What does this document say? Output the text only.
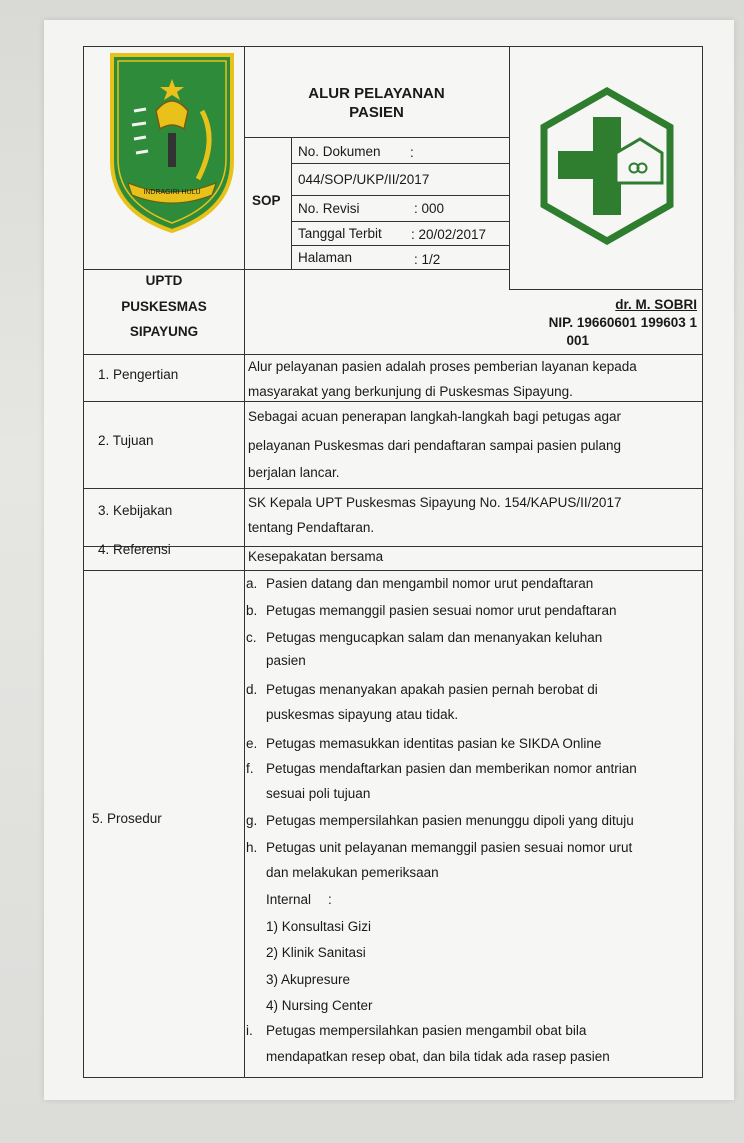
INDRAGIRI HULU
ALUR PELAYANAN
PASIEN
SOP
No. Dokumen :
044/SOP/UKP/II/2017
No. Revisi	: 000
Tanggal Terbit : 20/02/2017
Halaman	: 1/2
UPTD
PUSKESMAS
SIPAYUNG
dr. M. SOBRI
NIP. 19660601 199603 1
001
1. Pengertian
Alur pelayanan pasien adalah proses pemberian layanan kepada
masyarakat yang berkunjung di Puskesmas Sipayung.
2. Tujuan
Sebagai acuan penerapan langkah-langkah bagi petugas agar
pelayanan Puskesmas dari pendaftaran sampai pasien pulang
berjalan lancar.
3. Kebijakan
SK Kepala UPT Puskesmas Sipayung No. 154/KAPUS/II/2017
tentang Pendaftaran.
4. Referensi	Kesepakatan bersama
5. Prosedur
a. Pasien datang dan mengambil nomor urut pendaftaran
b. Petugas memanggil pasien sesuai nomor urut pendaftaran
c. Petugas mengucapkan salam dan menanyakan keluhan
pasien
d. Petugas menanyakan apakah pasien pernah berobat di
puskesmas sipayung atau tidak.
e. Petugas memasukkan identitas pasian ke SIKDA Online
f. Petugas mendaftarkan pasien dan memberikan nomor antrian
sesuai poli tujuan
g. Petugas mempersilahkan pasien menunggu dipoli yang dituju
h. Petugas unit pelayanan memanggil pasien sesuai nomor urut
dan melakukan pemeriksaan
Internal :
1) Konsultasi Gizi
2) Klinik Sanitasi
3) Akupresure
4) Nursing Center
i. Petugas mempersilahkan pasien mengambil obat bila
mendapatkan resep obat, dan bila tidak ada rasep pasien
